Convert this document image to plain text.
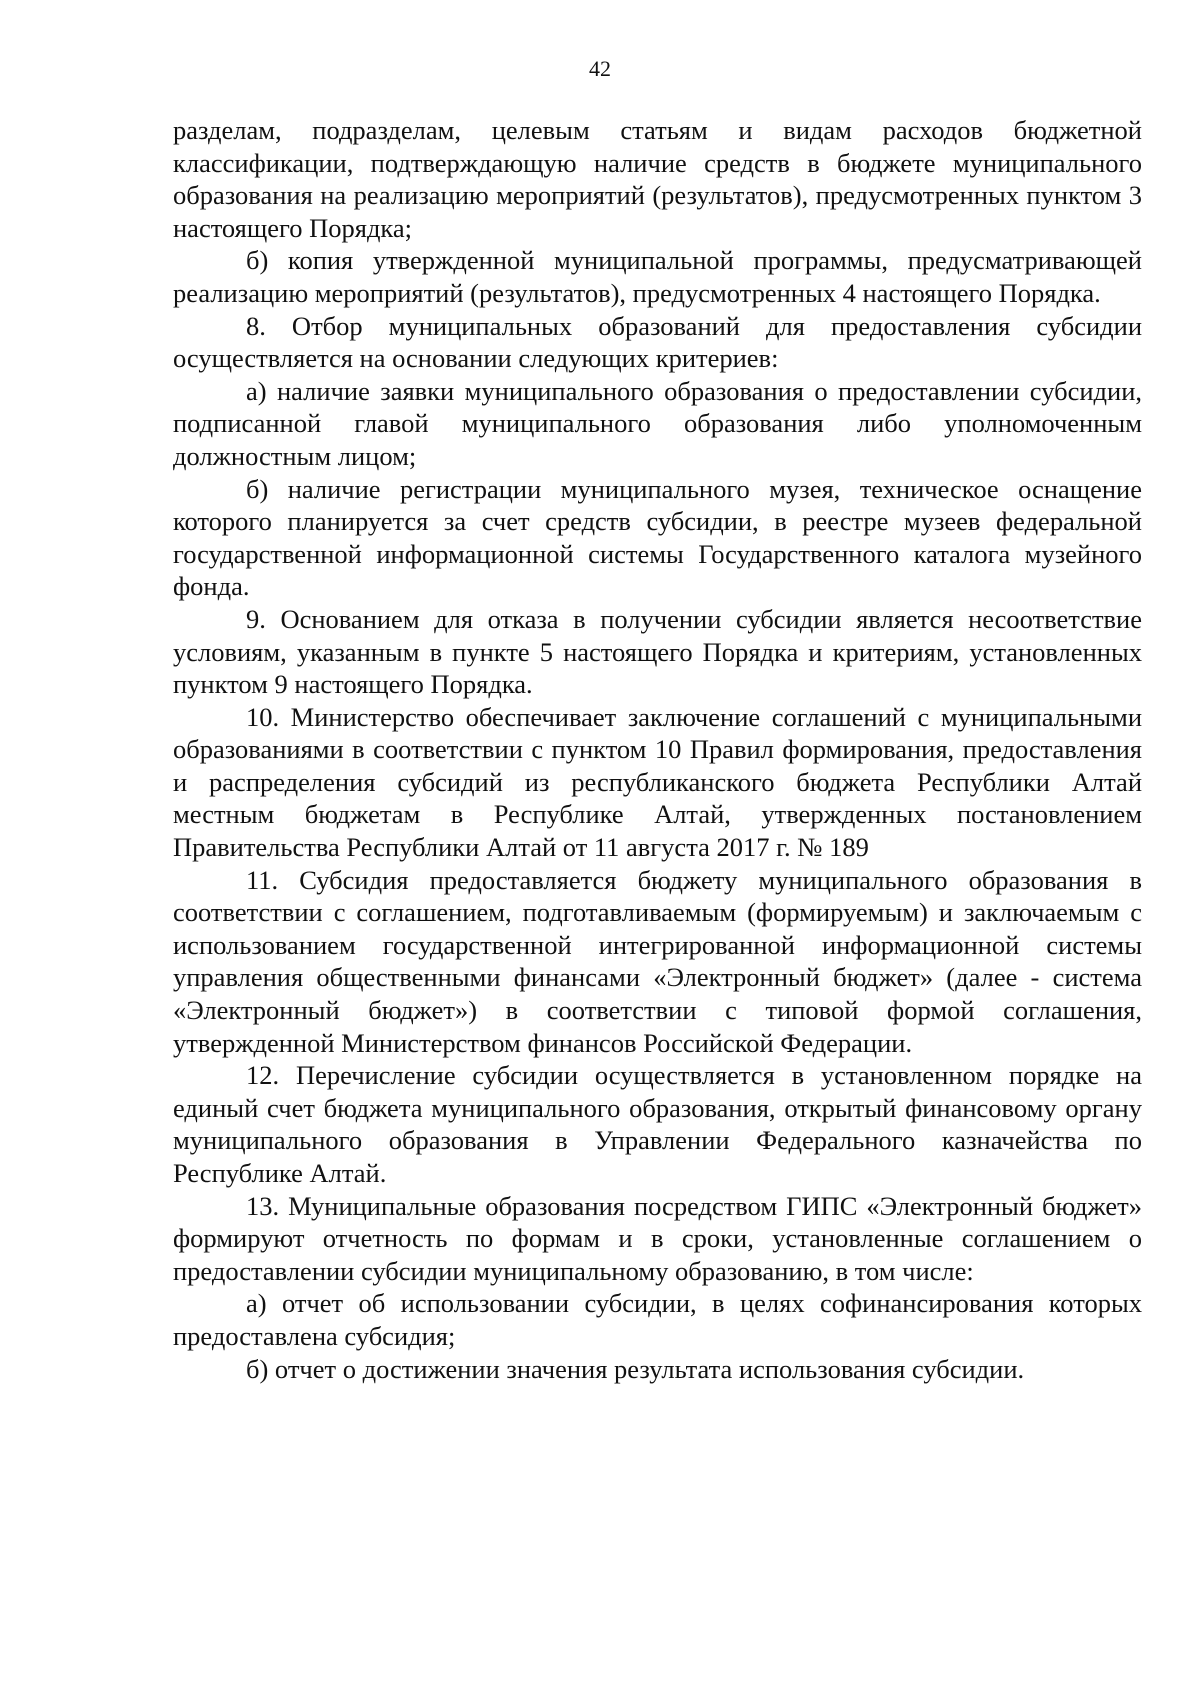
42

разделам, подразделам, целевым статьям и видам расходов бюджетной классификации, подтверждающую наличие средств в бюджете муниципального образования на реализацию мероприятий (результатов), предусмотренных пунктом 3 настоящего Порядка;

б) копия утвержденной муниципальной программы, предусматривающей реализацию мероприятий (результатов), предусмотренных 4 настоящего Порядка.

8. Отбор муниципальных образований для предоставления субсидии осуществляется на основании следующих критериев:

а) наличие заявки муниципального образования о предоставлении субсидии, подписанной главой муниципального образования либо уполномоченным должностным лицом;

б) наличие регистрации муниципального музея, техническое оснащение которого планируется за счет средств субсидии, в реестре музеев федеральной государственной информационной системы Государственного каталога музейного фонда.

9. Основанием для отказа в получении субсидии является несоответствие условиям, указанным в пункте 5 настоящего Порядка и критериям, установленных пунктом 9 настоящего Порядка.

10. Министерство обеспечивает заключение соглашений с муниципальными образованиями в соответствии с пунктом 10 Правил формирования, предоставления и распределения субсидий из республиканского бюджета Республики Алтай местным бюджетам в Республике Алтай, утвержденных постановлением Правительства Республики Алтай от 11 августа 2017 г. № 189

11. Субсидия предоставляется бюджету муниципального образования в соответствии с соглашением, подготавливаемым (формируемым) и заключаемым с использованием государственной интегрированной информационной системы управления общественными финансами «Электронный бюджет» (далее - система «Электронный бюджет») в соответствии с типовой формой соглашения, утвержденной Министерством финансов Российской Федерации.

12. Перечисление субсидии осуществляется в установленном порядке на единый счет бюджета муниципального образования, открытый финансовому органу муниципального образования в Управлении Федерального казначейства по Республике Алтай.

13. Муниципальные образования посредством ГИПС «Электронный бюджет» формируют отчетность по формам и в сроки, установленные соглашением о предоставлении субсидии муниципальному образованию, в том числе:

а) отчет об использовании субсидии, в целях софинансирования которых предоставлена субсидия;

б) отчет о достижении значения результата использования субсидии.
